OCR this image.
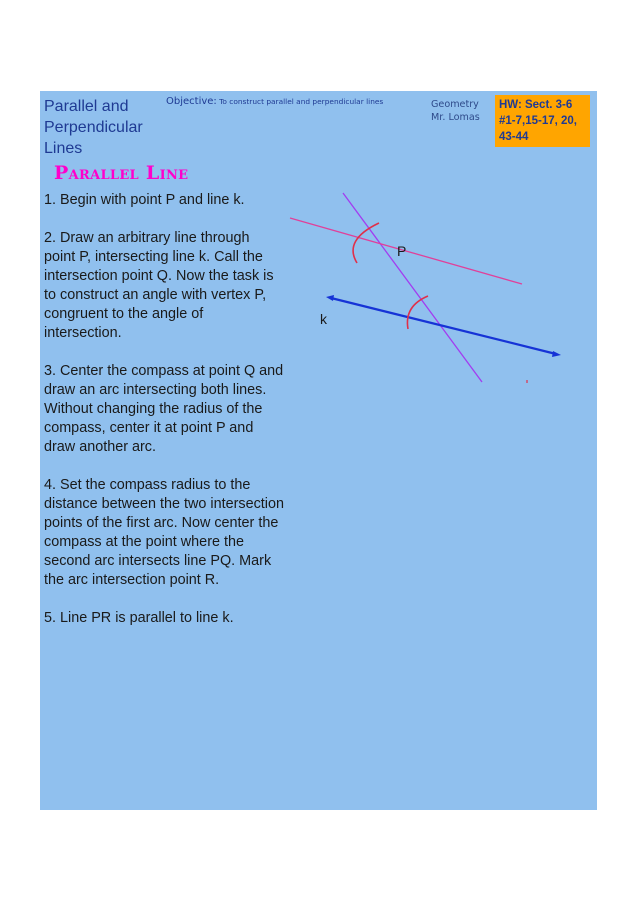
Parallel and Perpendicular Lines
Objective: To construct parallel and perpendicular lines	Geometry
Mr. Lomas
HW: Sect. 3-6 #1-7,15-17, 20, 43-44
Parallel Line
1. Begin with point P and line k.
2. Draw an arbitrary line through point P, intersecting line k. Call the intersection point Q. Now the task is to construct an angle with vertex P, congruent to the angle of intersection.
3. Center the compass at point Q and draw an arc intersecting both lines. Without changing the radius of the compass, center it at point P and draw another arc.
4. Set the compass radius to the distance between the two intersection points of the first arc. Now center the compass at the point where the second arc intersects line PQ. Mark the arc intersection point R.
5. Line PR is parallel to line k.
P
k
